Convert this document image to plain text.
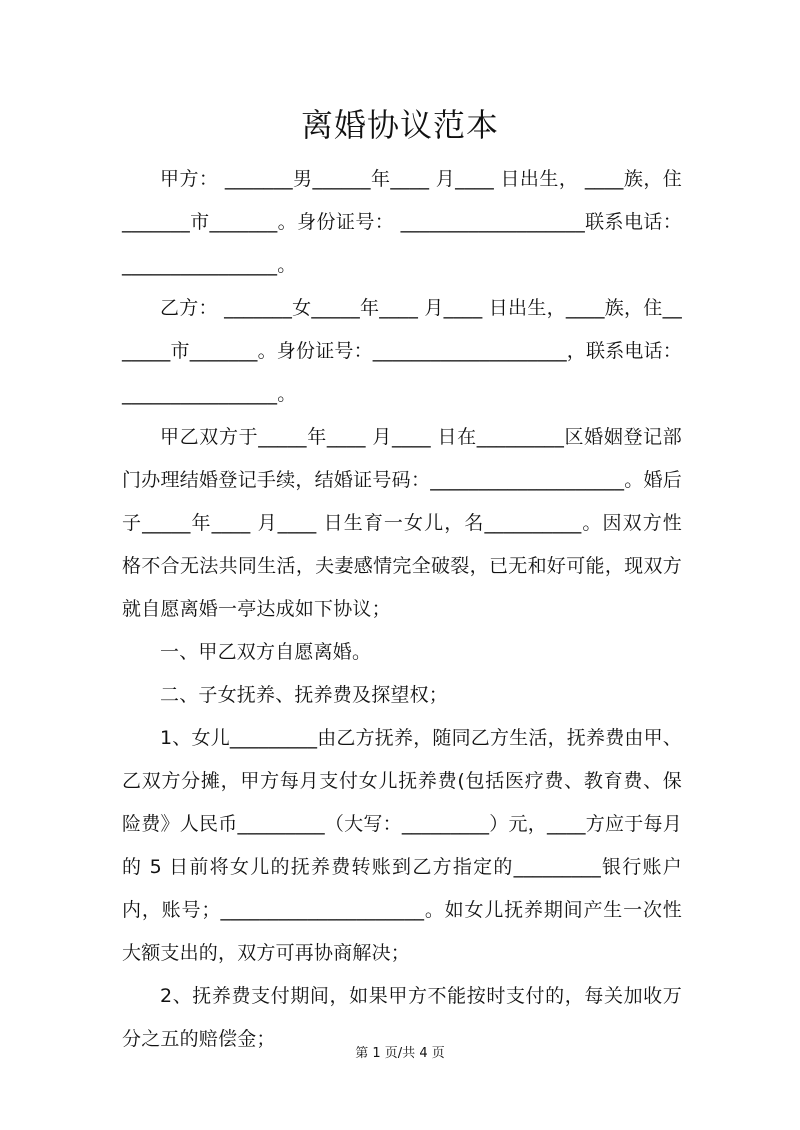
离婚协议范本

甲方： _______男______年____ 月____ 日出生， ____族，住_______市_______。身份证号： ___________________联系电话：________________。

乙方： _______女_____年____ 月____ 日出生，____族，住_______市_______。身份证号：____________________，联系电话：________________。

甲乙双方于_____年____ 月____ 日在_________区婚姻登记部门办理结婚登记手续，结婚证号码：____________________。婚后子_____年____ 月____ 日生育一女儿，名__________。因双方性格不合无法共同生活，夫妻感情完全破裂，已无和好可能，现双方就自愿离婚一亭达成如下协议；

一、甲乙双方自愿离婚。

二、子女抚养、抚养费及探望权；

1、女儿_________由乙方抚养，随同乙方生活，抚养费由甲、乙双方分摊，甲方每月支付女儿抚养费(包括医疗费、教育费、保险费》人民币_________（大写：_________）元，____方应于每月的 5 日前将女儿的抚养费转账到乙方指定的_________银行账户内，账号；_____________________。如女儿抚养期间产生一次性大额支出的，双方可再协商解决；

2、抚养费支付期间，如果甲方不能按时支付的，每关加收万分之五的赔偿金；

第 1 页/共 4 页
